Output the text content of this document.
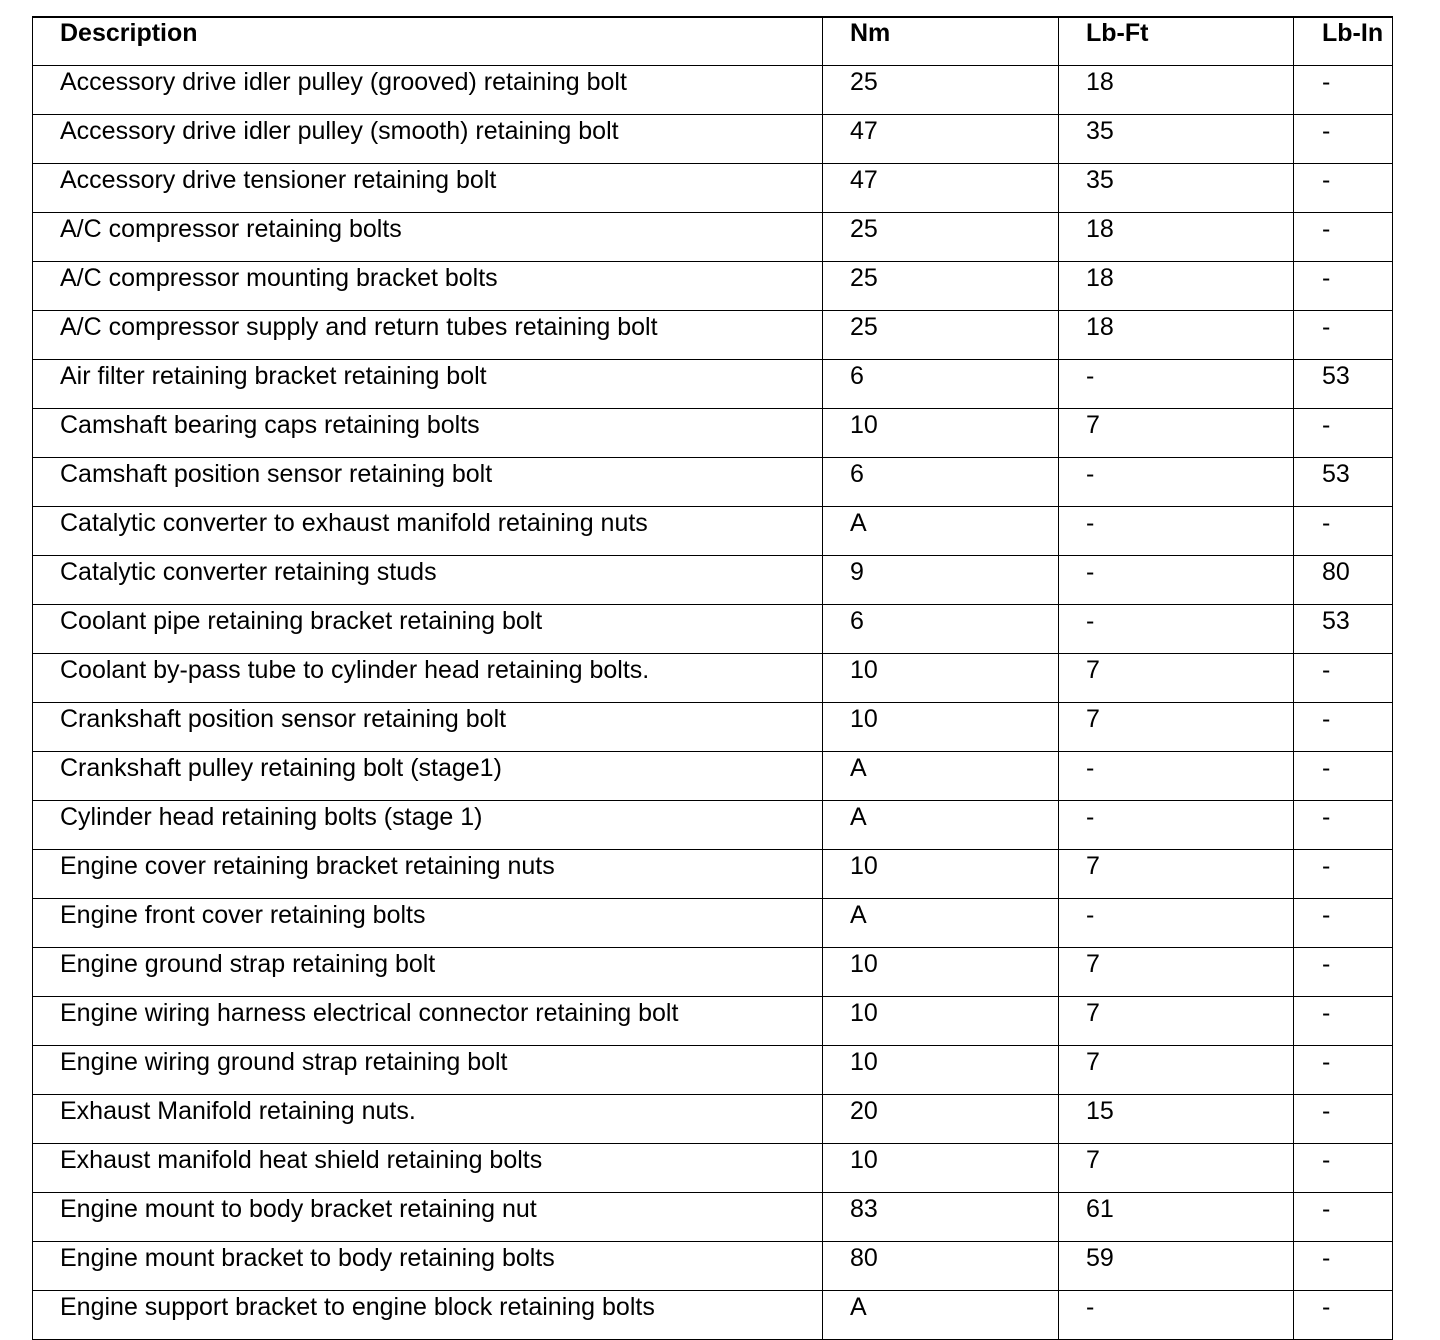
Description	Nm	Lb-Ft	Lb-In
Accessory drive idler pulley (grooved) retaining bolt	25	18	-
Accessory drive idler pulley (smooth) retaining bolt	47	35	-
Accessory drive tensioner retaining bolt	47	35	-
A/C compressor retaining bolts	25	18	-
A/C compressor mounting bracket bolts	25	18	-
A/C compressor supply and return tubes retaining bolt	25	18	-
Air filter retaining bracket retaining bolt	6	-	53
Camshaft bearing caps retaining bolts	10	7	-
Camshaft position sensor retaining bolt	6	-	53
Catalytic converter to exhaust manifold retaining nuts	A	-	-
Catalytic converter retaining studs	9	-	80
Coolant pipe retaining bracket retaining bolt	6	-	53
Coolant by-pass tube to cylinder head retaining bolts.	10	7	-
Crankshaft position sensor retaining bolt	10	7	-
Crankshaft pulley retaining bolt (stage1)	A	-	-
Cylinder head retaining bolts (stage 1)	A	-	-
Engine cover retaining bracket retaining nuts	10	7	-
Engine front cover retaining bolts	A	-	-
Engine ground strap retaining bolt	10	7	-
Engine wiring harness electrical connector retaining bolt	10	7	-
Engine wiring ground strap retaining bolt	10	7	-
Exhaust Manifold retaining nuts.	20	15	-
Exhaust manifold heat shield retaining bolts	10	7	-
Engine mount to body bracket retaining nut	83	61	-
Engine mount bracket to body retaining bolts	80	59	-
Engine support bracket to engine block retaining bolts	A	-	-
